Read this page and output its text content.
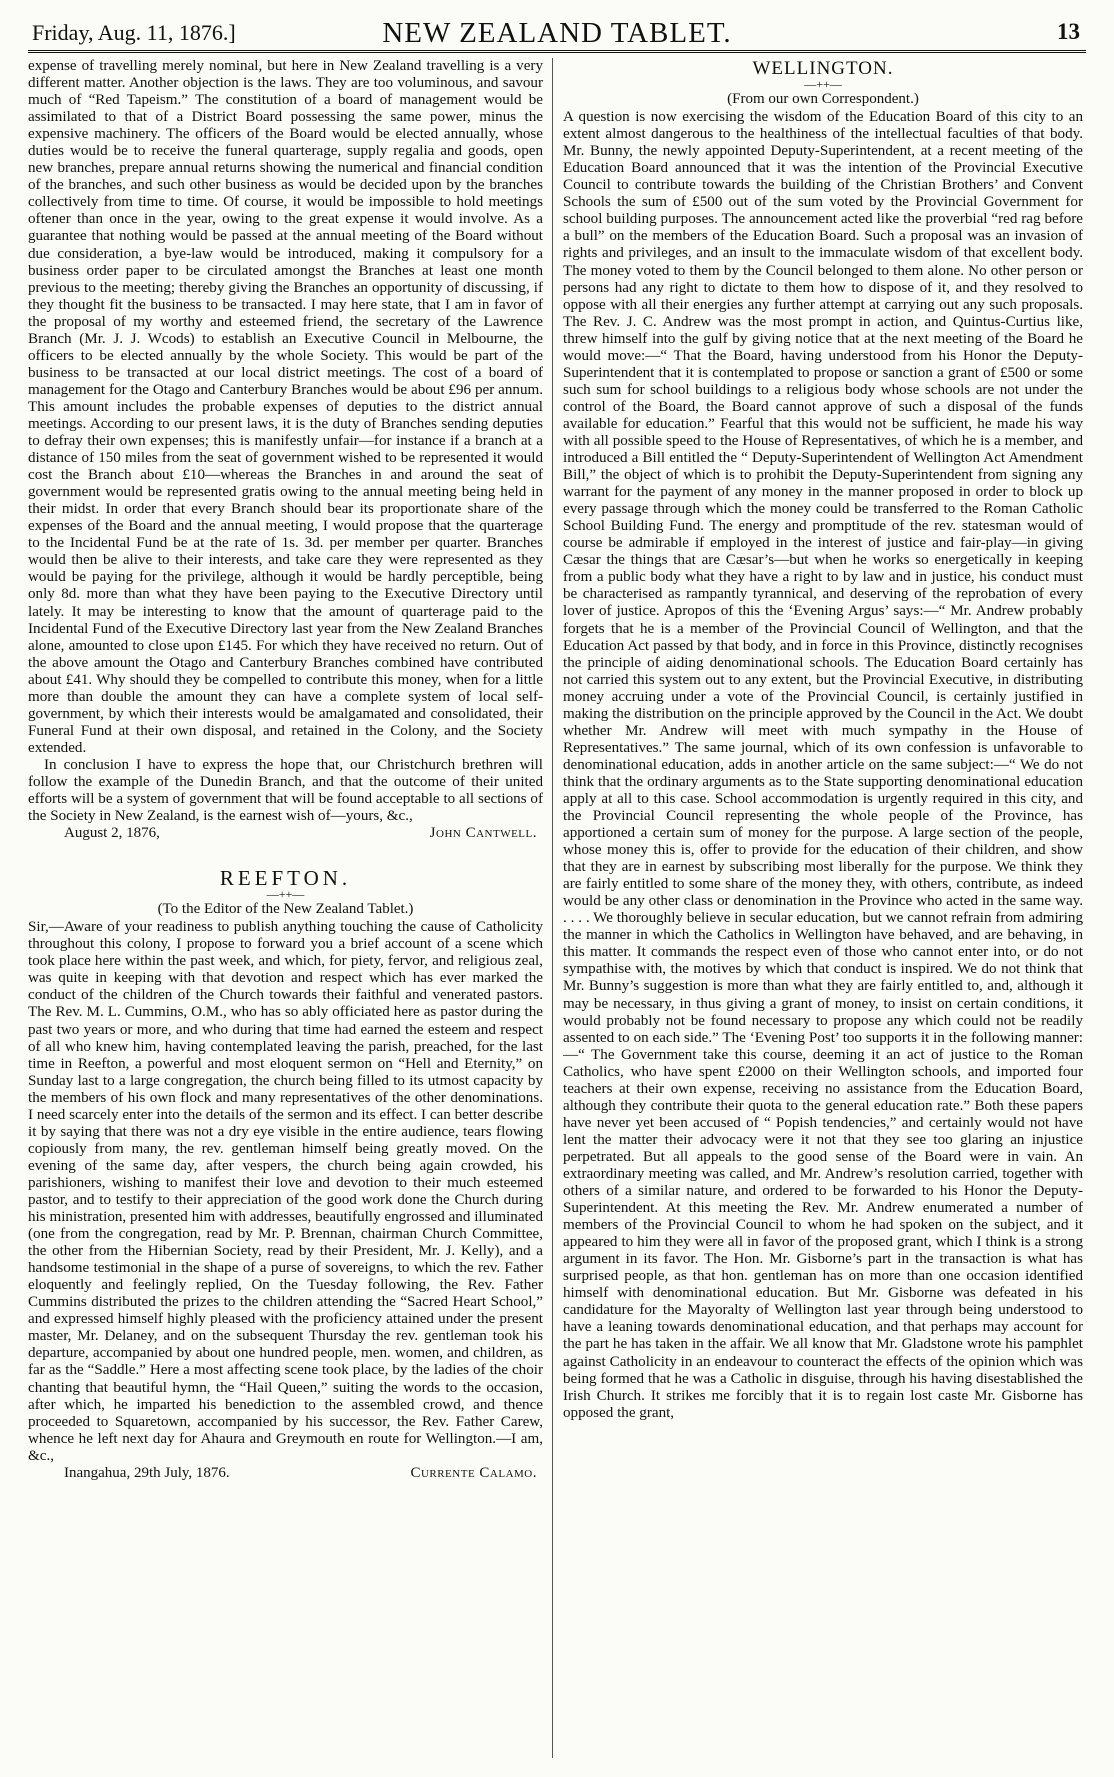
Friday, Aug. 11, 1876.]	NEW ZEALAND TABLET.	13

expense of travelling merely nominal, but here in New Zealand travelling is a very different matter. Another objection is the laws. They are too voluminous, and savour much of “Red Tapeism.” The constitution of a board of management would be assimilated to that of a District Board possessing the same power, minus the expensive machinery. The officers of the Board would be elected annually, whose duties would be to receive the funeral quarterage, supply regalia and goods, open new branches, prepare annual returns showing the numerical and financial condition of the branches, and such other business as would be decided upon by the branches collectively from time to time. Of course, it would be impossible to hold meetings oftener than once in the year, owing to the great expense it would involve. As a guarantee that nothing would be passed at the annual meeting of the Board without due consideration, a bye-law would be introduced, making it compulsory for a business order paper to be circulated amongst the Branches at least one month previous to the meeting; thereby giving the Branches an opportunity of discussing, if they thought fit the business to be transacted. I may here state, that I am in favor of the proposal of my worthy and esteemed friend, the secretary of the Lawrence Branch (Mr. J. J. Wcods) to establish an Executive Council in Melbourne, the officers to be elected annually by the whole Society. This would be part of the business to be transacted at our local district meetings. The cost of a board of management for the Otago and Canterbury Branches would be about £96 per annum. This amount includes the probable expenses of deputies to the district annual meetings. According to our present laws, it is the duty of Branches sending deputies to defray their own expenses; this is manifestly unfair—for instance if a branch at a distance of 150 miles from the seat of government wished to be represented it would cost the Branch about £10—whereas the Branches in and around the seat of government would be represented gratis owing to the annual meeting being held in their midst. In order that every Branch should bear its proportionate share of the expenses of the Board and the annual meeting, I would propose that the quarterage to the Incidental Fund be at the rate of 1s. 3d. per member per quarter. Branches would then be alive to their interests, and take care they were represented as they would be paying for the privilege, although it would be hardly perceptible, being only 8d. more than what they have been paying to the Executive Directory until lately. It may be interesting to know that the amount of quarterage paid to the Incidental Fund of the Executive Directory last year from the New Zealand Branches alone, amounted to close upon £145. For which they have received no return. Out of the above amount the Otago and Canterbury Branches combined have contributed about £41. Why should they be compelled to contribute this money, when for a little more than double the amount they can have a complete system of local self-government, by which their interests would be amalgamated and consolidated, their Funeral Fund at their own disposal, and retained in the Colony, and the Society extended.

In conclusion I have to express the hope that, our Christchurch brethren will follow the example of the Dunedin Branch, and that the outcome of their united efforts will be a system of government that will be found acceptable to all sections of the Society in New Zealand, is the earnest wish of—yours, &c.,

August 2, 1876,	John Cantwell.
REEFTON.
—++—
(To the Editor of the New Zealand Tablet.)

Sir,—Aware of your readiness to publish anything touching the cause of Catholicity throughout this colony, I propose to forward you a brief account of a scene which took place here within the past week, and which, for piety, fervor, and religious zeal, was quite in keeping with that devotion and respect which has ever marked the conduct of the children of the Church towards their faithful and venerated pastors. The Rev. M. L. Cummins, O.M., who has so ably officiated here as pastor during the past two years or more, and who during that time had earned the esteem and respect of all who knew him, having contemplated leaving the parish, preached, for the last time in Reefton, a powerful and most eloquent sermon on “Hell and Eternity,” on Sunday last to a large congregation, the church being filled to its utmost capacity by the members of his own flock and many representatives of the other denominations. I need scarcely enter into the details of the sermon and its effect. I can better describe it by saying that there was not a dry eye visible in the entire audience, tears flowing copiously from many, the rev. gentleman himself being greatly moved. On the evening of the same day, after vespers, the church being again crowded, his parishioners, wishing to manifest their love and devotion to their much esteemed pastor, and to testify to their appreciation of the good work done the Church during his ministration, presented him with addresses, beautifully engrossed and illuminated (one from the congregation, read by Mr. P. Brennan, chairman Church Committee, the other from the Hibernian Society, read by their President, Mr. J. Kelly), and a handsome testimonial in the shape of a purse of sovereigns, to which the rev. Father eloquently and feelingly replied, On the Tuesday following, the Rev. Father Cummins distributed the prizes to the children attending the “Sacred Heart School,” and expressed himself highly pleased with the proficiency attained under the present master, Mr. Delaney, and on the subsequent Thursday the rev. gentleman took his departure, accompanied by about one hundred people, men. women, and children, as far as the “Saddle.” Here a most affecting scene took place, by the ladies of the choir chanting that beautiful hymn, the “Hail Queen,” suiting the words to the occasion, after which, he imparted his benediction to the assembled crowd, and thence proceeded to Squaretown, accompanied by his successor, the Rev. Father Carew, whence he left next day for Ahaura and Greymouth en route for Wellington.—I am, &c.,

Inangahua, 29th July, 1876.	Currente Calamo.
WELLINGTON.
—++—
(From our own Correspondent.)

A question is now exercising the wisdom of the Education Board of this city to an extent almost dangerous to the healthiness of the intellectual faculties of that body. Mr. Bunny, the newly appointed Deputy-Superintendent, at a recent meeting of the Education Board announced that it was the intention of the Provincial Executive Council to contribute towards the building of the Christian Brothers’ and Convent Schools the sum of £500 out of the sum voted by the Provincial Government for school building purposes. The announcement acted like the proverbial “red rag before a bull” on the members of the Education Board. Such a proposal was an invasion of rights and privileges, and an insult to the immaculate wisdom of that excellent body. The money voted to them by the Council belonged to them alone. No other person or persons had any right to dictate to them how to dispose of it, and they resolved to oppose with all their energies any further attempt at carrying out any such proposals. The Rev. J. C. Andrew was the most prompt in action, and Quintus-Curtius like, threw himself into the gulf by giving notice that at the next meeting of the Board he would move:—“ That the Board, having understood from his Honor the Deputy-Superintendent that it is contemplated to propose or sanction a grant of £500 or some such sum for school buildings to a religious body whose schools are not under the control of the Board, the Board cannot approve of such a disposal of the funds available for education.” Fearful that this would not be sufficient, he made his way with all possible speed to the House of Representatives, of which he is a member, and introduced a Bill entitled the “ Deputy-Superintendent of Wellington Act Amendment Bill,” the object of which is to prohibit the Deputy-Superintendent from signing any warrant for the payment of any money in the manner proposed in order to block up every passage through which the money could be transferred to the Roman Catholic School Building Fund. The energy and promptitude of the rev. statesman would of course be admirable if employed in the interest of justice and fair-play—in giving Cæsar the things that are Cæsar’s—but when he works so energetically in keeping from a public body what they have a right to by law and in justice, his conduct must be characterised as rampantly tyrannical, and deserving of the reprobation of every lover of justice. Apropos of this the ‘Evening Argus’ says:—“ Mr. Andrew probably forgets that he is a member of the Provincial Council of Wellington, and that the Education Act passed by that body, and in force in this Province, distinctly recognises the principle of aiding denominational schools. The Education Board certainly has not carried this system out to any extent, but the Provincial Executive, in distributing money accruing under a vote of the Provincial Council, is certainly justified in making the distribution on the principle approved by the Council in the Act. We doubt whether Mr. Andrew will meet with much sympathy in the House of Representatives.” The same journal, which of its own confession is unfavorable to denominational education, adds in another article on the same subject:—“ We do not think that the ordinary arguments as to the State supporting denominational education apply at all to this case. School accommodation is urgently required in this city, and the Provincial Council representing the whole people of the Province, has apportioned a certain sum of money for the purpose. A large section of the people, whose money this is, offer to provide for the education of their children, and show that they are in earnest by subscribing most liberally for the purpose. We think they are fairly entitled to some share of the money they, with others, contribute, as indeed would be any other class or denomination in the Province who acted in the same way. . . . . We thoroughly believe in secular education, but we cannot refrain from admiring the manner in which the Catholics in Wellington have behaved, and are behaving, in this matter. It commands the respect even of those who cannot enter into, or do not sympathise with, the motives by which that conduct is inspired. We do not think that Mr. Bunny’s suggestion is more than what they are fairly entitled to, and, although it may be necessary, in thus giving a grant of money, to insist on certain conditions, it would probably not be found necessary to propose any which could not be readily assented to on each side.” The ‘Evening Post’ too supports it in the following manner:—“ The Government take this course, deeming it an act of justice to the Roman Catholics, who have spent £2000 on their Wellington schools, and imported four teachers at their own expense, receiving no assistance from the Education Board, although they contribute their quota to the general education rate.” Both these papers have never yet been accused of “ Popish tendencies,” and certainly would not have lent the matter their advocacy were it not that they see too glaring an injustice perpetrated. But all appeals to the good sense of the Board were in vain. An extraordinary meeting was called, and Mr. Andrew’s resolution carried, together with others of a similar nature, and ordered to be forwarded to his Honor the Deputy-Superintendent. At this meeting the Rev. Mr. Andrew enumerated a number of members of the Provincial Council to whom he had spoken on the subject, and it appeared to him they were all in favor of the proposed grant, which I think is a strong argument in its favor. The Hon. Mr. Gisborne’s part in the transaction is what has surprised people, as that hon. gentleman has on more than one occasion identified himself with denominational education. But Mr. Gisborne was defeated in his candidature for the Mayoralty of Wellington last year through being understood to have a leaning towards denominational education, and that perhaps may account for the part he has taken in the affair. We all know that Mr. Gladstone wrote his pamphlet against Catholicity in an endeavour to counteract the effects of the opinion which was being formed that he was a Catholic in disguise, through his having disestablished the Irish Church. It strikes me forcibly that it is to regain lost caste Mr. Gisborne has opposed the grant,
